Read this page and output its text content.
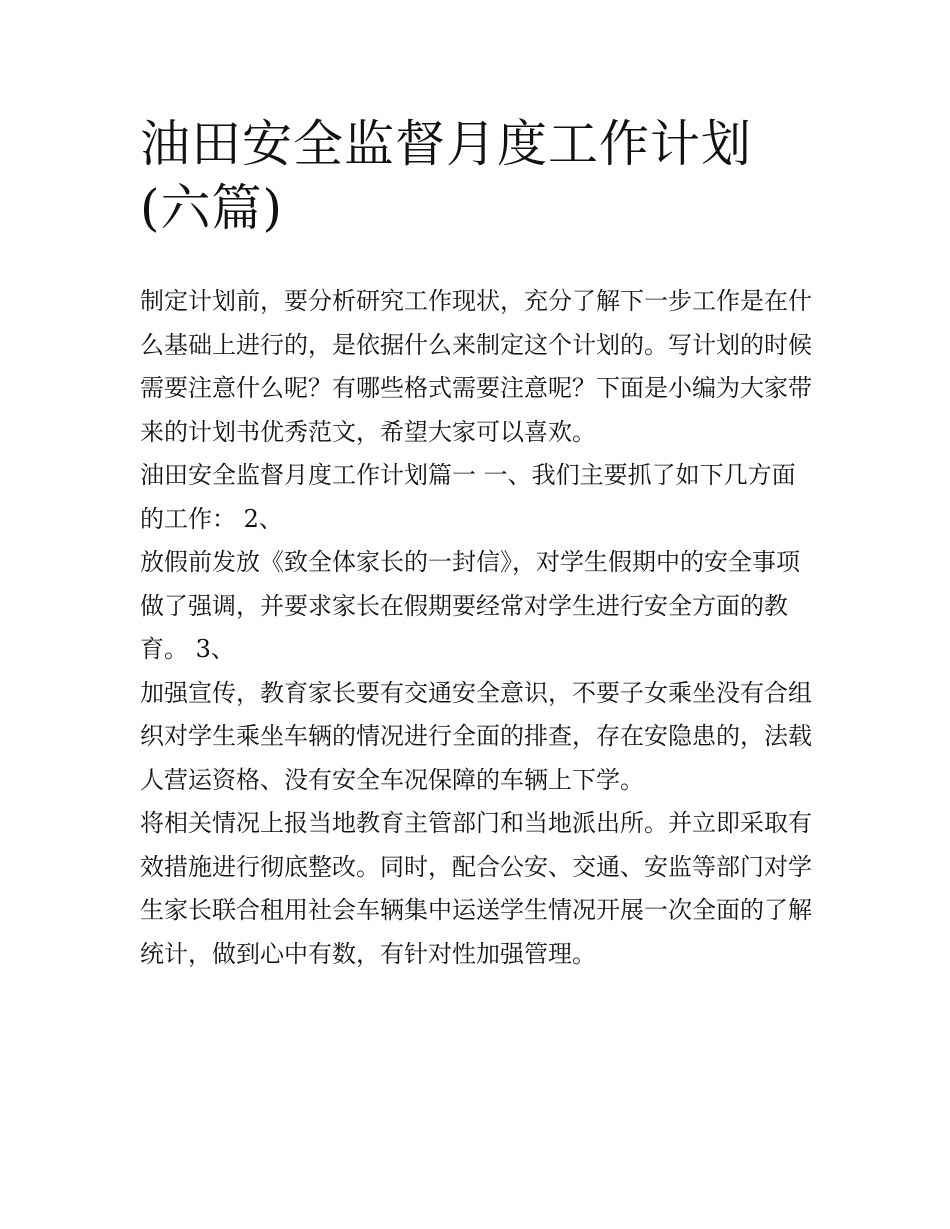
油田安全监督月度工作计划(六篇)

制定计划前，要分析研究工作现状，充分了解下一步工作是在什么基础上进行的，是依据什么来制定这个计划的。写计划的时候需要注意什么呢？有哪些格式需要注意呢？下面是小编为大家带来的计划书优秀范文，希望大家可以喜欢。

油田安全监督月度工作计划篇一 一、我们主要抓了如下几方面的工作： 2、

放假前发放《致全体家长的一封信》，对学生假期中的安全事项做了强调，并要求家长在假期要经常对学生进行安全方面的教育。 3、

加强宣传，教育家长要有交通安全意识，不要子女乘坐没有合组织对学生乘坐车辆的情况进行全面的排查，存在安隐患的，法载人营运资格、没有安全车况保障的车辆上下学。

将相关情况上报当地教育主管部门和当地派出所。并立即采取有效措施进行彻底整改。同时，配合公安、交通、安监等部门对学生家长联合租用社会车辆集中运送学生情况开展一次全面的了解统计，做到心中有数，有针对性加强管理。
